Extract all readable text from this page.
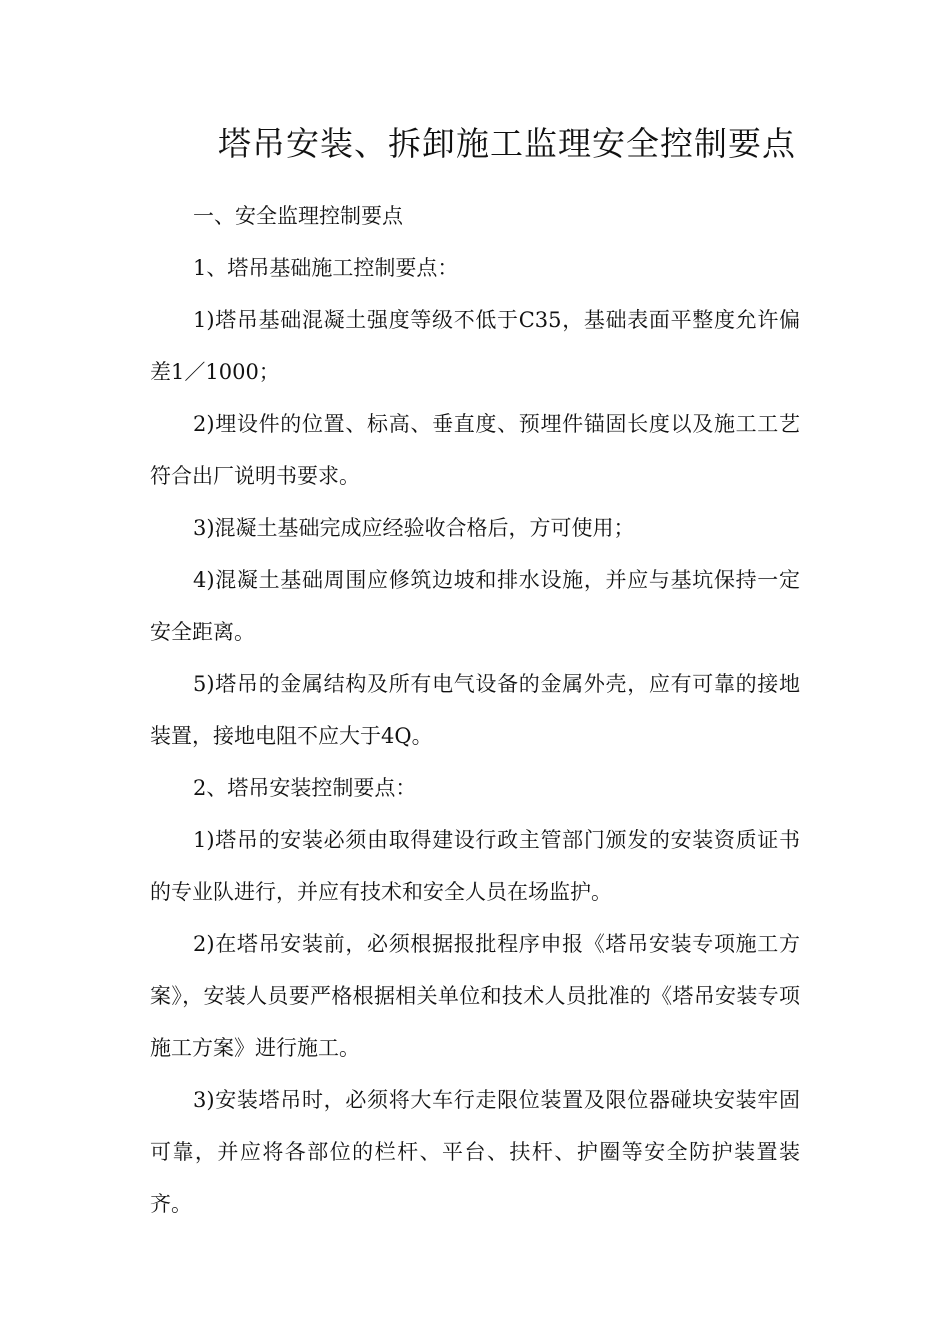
塔吊安装、拆卸施工监理安全控制要点

一、安全监理控制要点

1、塔吊基础施工控制要点：

1)塔吊基础混凝土强度等级不低于C35，基础表面平整度允许偏差1／1000；

2)埋设件的位置、标高、垂直度、预埋件锚固长度以及施工工艺符合出厂说明书要求。

3)混凝土基础完成应经验收合格后，方可使用；

4)混凝土基础周围应修筑边坡和排水设施，并应与基坑保持一定安全距离。

5)塔吊的金属结构及所有电气设备的金属外壳，应有可靠的接地装置，接地电阻不应大于4Q。

2、塔吊安装控制要点：

1)塔吊的安装必须由取得建设行政主管部门颁发的安装资质证书的专业队进行，并应有技术和安全人员在场监护。

2)在塔吊安装前，必须根据报批程序申报《塔吊安装专项施工方案》，安装人员要严格根据相关单位和技术人员批准的《塔吊安装专项施工方案》进行施工。

3)安装塔吊时，必须将大车行走限位装置及限位器碰块安装牢固可靠，并应将各部位的栏杆、平台、扶杆、护圈等安全防护装置装齐。
